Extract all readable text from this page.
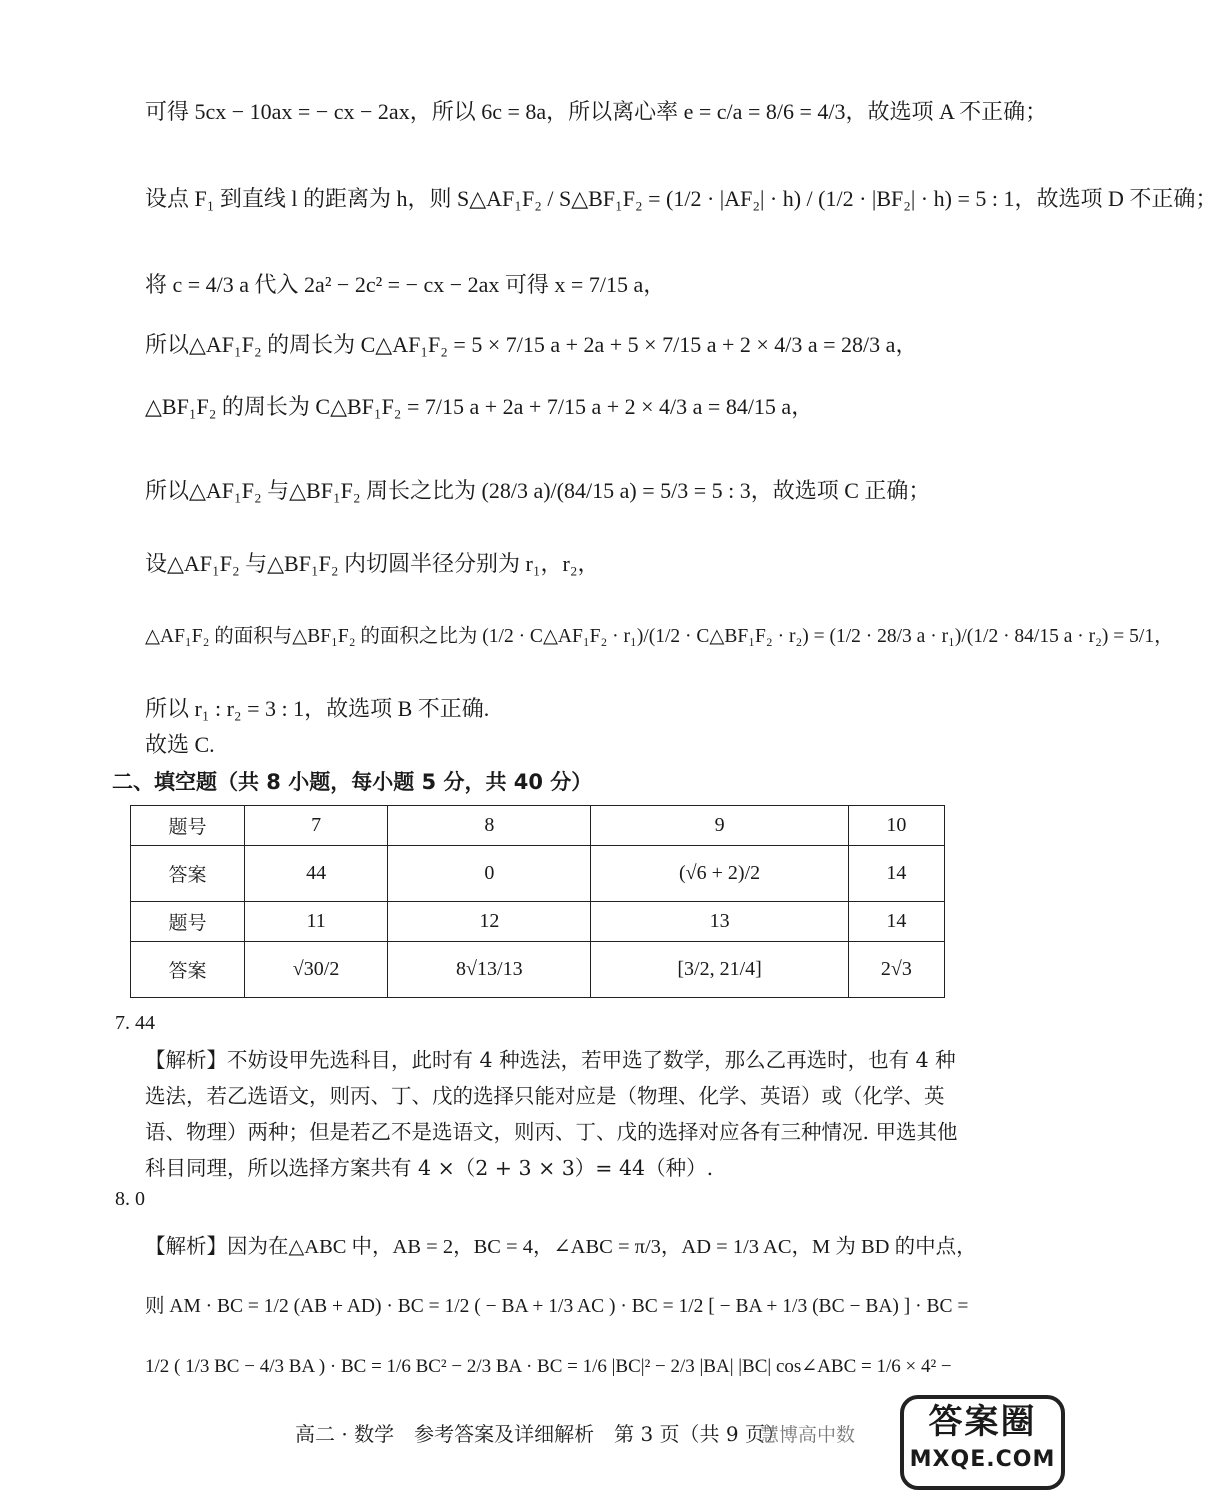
可得 5cx − 10ax = − cx − 2ax，所以 6c = 8a，所以离心率 e = c/a = 8/6 = 4/3，故选项 A 不正确；
设点 F₁ 到直线 l 的距离为 h，则 S△AF₁F₂ / S△BF₁F₂ = (1/2 · |AF₂| · h) / (1/2 · |BF₂| · h) = 5 : 1，故选项 D 不正确；
将 c = 4/3 a 代入 2a² − 2c² = − cx − 2ax 可得 x = 7/15 a，
所以△AF₁F₂ 的周长为 C△AF₁F₂ = 5 × 7/15 a + 2a + 5 × 7/15 a + 2 × 4/3 a = 28/3 a，
△BF₁F₂ 的周长为 C△BF₁F₂ = 7/15 a + 2a + 7/15 a + 2 × 4/3 a = 84/15 a，
所以△AF₁F₂ 与△BF₁F₂ 周长之比为 (28/3 a)/(84/15 a) = 5/3 = 5 : 3，故选项 C 正确；
设△AF₁F₂ 与△BF₁F₂ 内切圆半径分别为 r₁，r₂，
△AF₁F₂ 的面积与△BF₁F₂ 的面积之比为 (1/2 · C△AF₁F₂ · r₁)/(1/2 · C△BF₁F₂ · r₂) = (1/2 · 28/3 a · r₁)/(1/2 · 84/15 a · r₂) = 5/1，
所以 r₁ : r₂ = 3 : 1，故选项 B 不正确.
故选 C.
二、填空题（共 8 小题，每小题 5 分，共 40 分）
题号	7	8	9	10
答案	44	0	(√6 + 2)/2	14
题号	11	12	13	14
答案	√30/2	8√13/13	[3/2, 21/4]	2√3
7. 44
【解析】不妨设甲先选科目，此时有 4 种选法，若甲选了数学，那么乙再选时，也有 4 种选法，若乙选语文，则丙、丁、戊的选择只能对应是（物理、化学、英语）或（化学、英语、物理）两种；但是若乙不是选语文，则丙、丁、戊的选择对应各有三种情况. 甲选其他科目同理，所以选择方案共有 4 ×（2 + 3 × 3）= 44（种）.
8. 0
【解析】因为在△ABC 中，AB = 2，BC = 4，∠ABC = π/3，AD = 1/3 AC，M 为 BD 的中点，
则 AM · BC = 1/2 (AB + AD) · BC = 1/2 ( − BA + 1/3 AC ) · BC = 1/2 [ − BA + 1/3 (BC − BA) ] · BC =
1/2 ( 1/3 BC − 4/3 BA ) · BC = 1/6 BC² − 2/3 BA · BC = 1/6 |BC|² − 2/3 |BA| |BC| cos∠ABC = 1/6 × 4² −
高二 · 数学　参考答案及详细解析　第 3 页（共 9 页）
慧博高中数	答案圈
MXQE.COM
